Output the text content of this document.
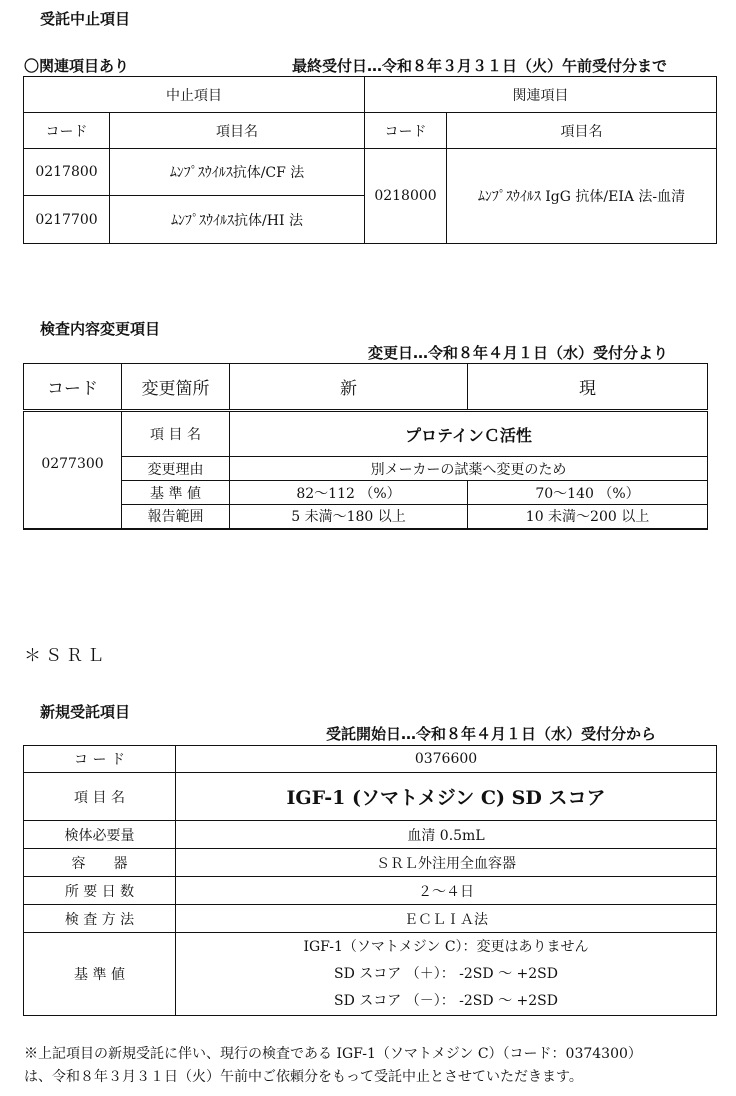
受託中止項目
〇関連項目あり	最終受付日…令和８年３月３１日（火）午前受付分まで
中止項目		関連項目	
コード	項目名	コード	項目名
0217800	ﾑﾝﾌﾟｽｳｲﾙｽ抗体/CF 法	0218000	ﾑﾝﾌﾟｽｳｲﾙｽ IgG 抗体/EIA 法-血清
0217700	ﾑﾝﾌﾟｽｳｲﾙｽ抗体/HI 法		
検査内容変更項目
変更日…令和８年４月１日（水）受付分より
コード	変更箇所	新	現
0277300	項 目 名	プロテインＣ活性	
	変更理由	別メーカーの試薬へ変更のため	
	基 準 値	82～112 （%）	70～140 （%）
	報告範囲	5 未満～180 以上	10 未満～200 以上
＊ＳＲＬ
新規受託項目
受託開始日…令和８年４月１日（水）受付分から
コ ー ド	0376600
項 目 名	IGF-1 (ソマトメジン C) SD スコア
検体必要量	血清 0.5mL
容　　器	ＳＲＬ外注用全血容器
所 要 日 数	２～４日
検 査 方 法	ＥＣＬＩＡ法
基 準 値	IGF-1（ソマトメジン C）：変更はありません
SD スコア （＋）： -2SD ～ +2SD
SD スコア （－）： -2SD ～ +2SD
※上記項目の新規受託に伴い、現行の検査である IGF-1（ソマトメジン C）（コード：0374300）
は、令和８年３月３１日（火）午前中ご依頼分をもって受託中止とさせていただきます。
